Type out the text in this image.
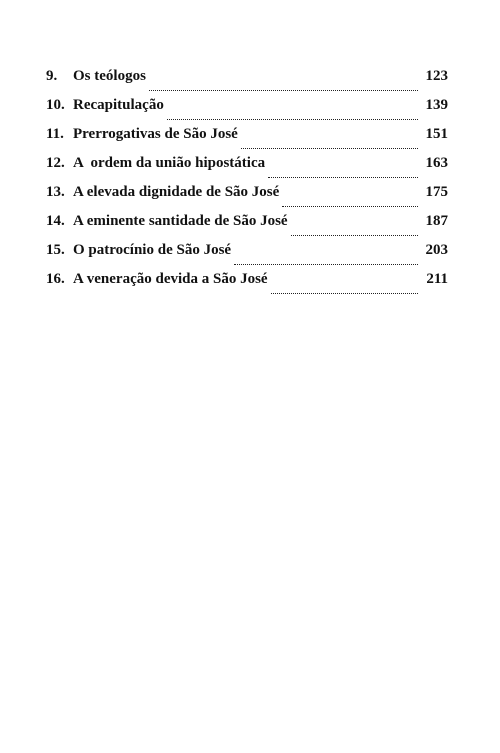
9.	Os teólogos	123
10. Recapitulação	139
11. Prerrogativas de São José	151
12. A  ordem da união hipostática	163
13. A elevada dignidade de São José	175
14. A eminente santidade de São José	187
15. O patrocínio de São José	203
16. A veneração devida a São José	211
